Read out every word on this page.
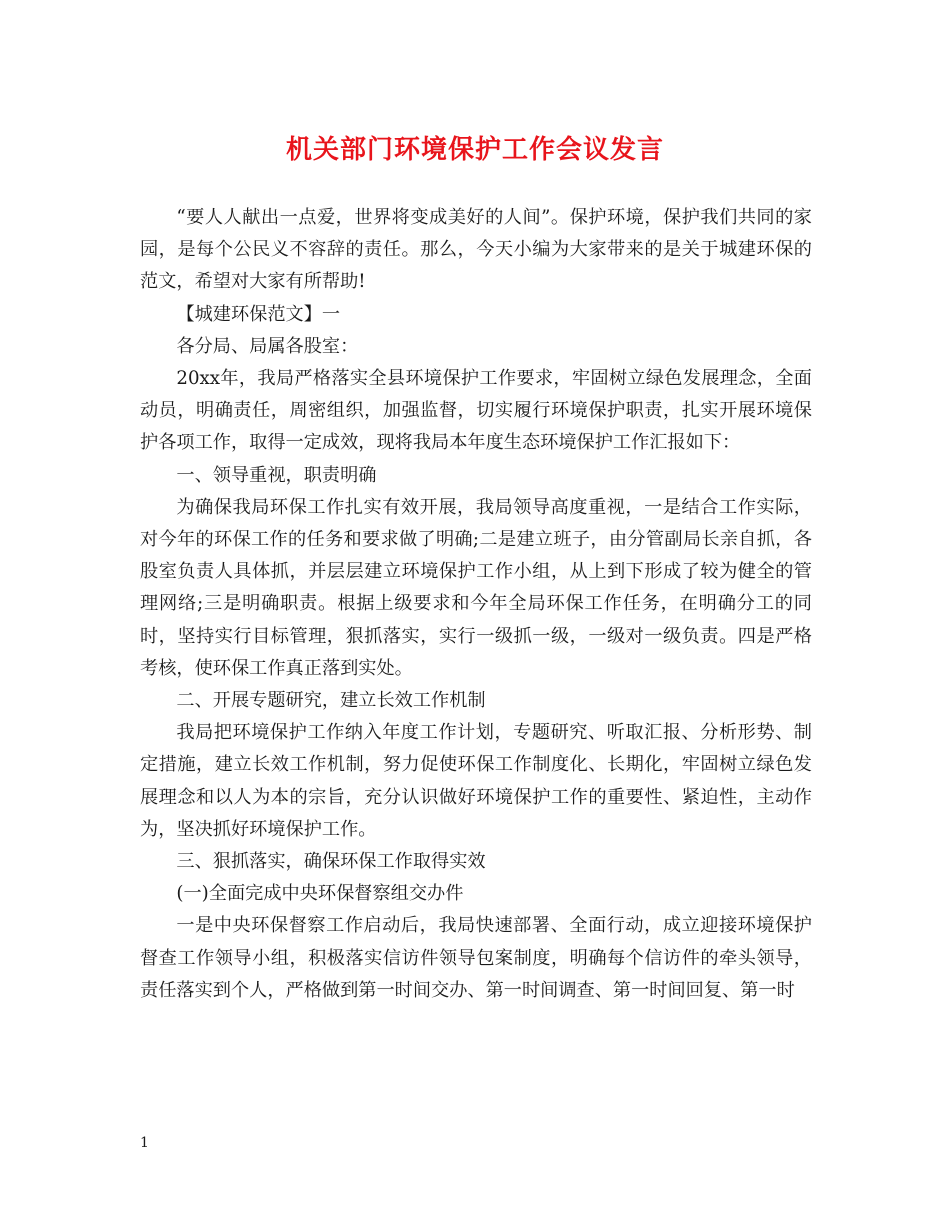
机关部门环境保护工作会议发言

“要人人献出一点爱，世界将变成美好的人间”。保护环境，保护我们共同的家园，是每个公民义不容辞的责任。那么，今天小编为大家带来的是关于城建环保的范文，希望对大家有所帮助!

【城建环保范文】一

各分局、局属各股室：

20xx年，我局严格落实全县环境保护工作要求，牢固树立绿色发展理念，全面动员，明确责任，周密组织，加强监督，切实履行环境保护职责，扎实开展环境保护各项工作，取得一定成效，现将我局本年度生态环境保护工作汇报如下：

一、领导重视，职责明确

为确保我局环保工作扎实有效开展，我局领导高度重视，一是结合工作实际，对今年的环保工作的任务和要求做了明确;二是建立班子，由分管副局长亲自抓，各股室负责人具体抓，并层层建立环境保护工作小组，从上到下形成了较为健全的管理网络;三是明确职责。根据上级要求和今年全局环保工作任务，在明确分工的同时，坚持实行目标管理，狠抓落实，实行一级抓一级，一级对一级负责。四是严格考核，使环保工作真正落到实处。

二、开展专题研究，建立长效工作机制

我局把环境保护工作纳入年度工作计划，专题研究、听取汇报、分析形势、制定措施，建立长效工作机制，努力促使环保工作制度化、长期化，牢固树立绿色发展理念和以人为本的宗旨，充分认识做好环境保护工作的重要性、紧迫性，主动作为，坚决抓好环境保护工作。

三、狠抓落实，确保环保工作取得实效

(一)全面完成中央环保督察组交办件

一是中央环保督察工作启动后，我局快速部署、全面行动，成立迎接环境保护督查工作领导小组，积极落实信访件领导包案制度，明确每个信访件的牵头领导，责任落实到个人，严格做到第一时间交办、第一时间调查、第一时间回复、第一时

1
